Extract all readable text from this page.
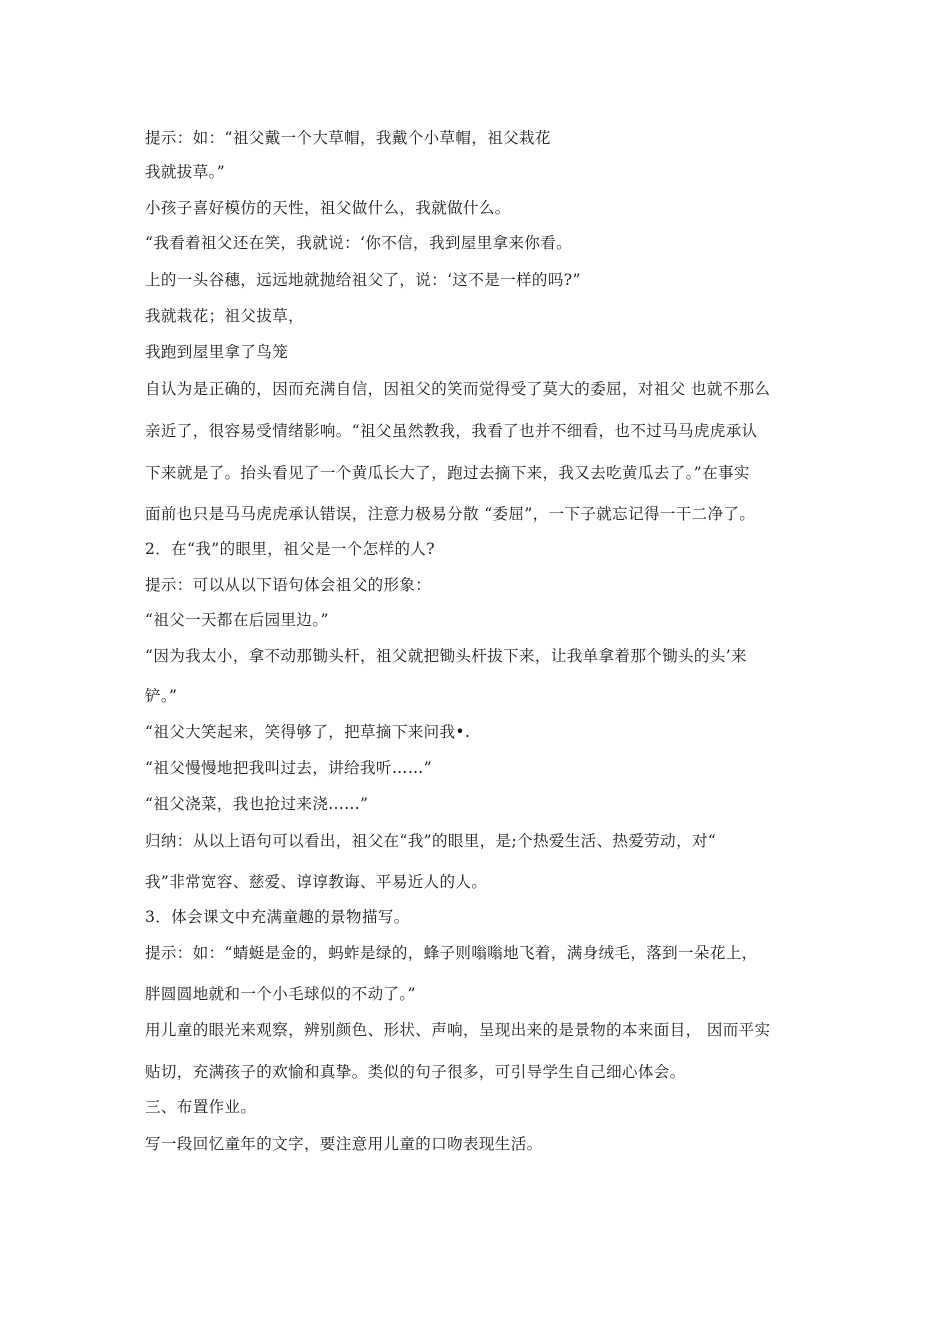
提示：如：“祖父戴一个大草帽，我戴个小草帽，祖父栽花
我就拔草。”
小孩子喜好模仿的天性，祖父做什么，我就做什么。
“我看着祖父还在笑，我就说：‘你不信，我到屋里拿来你看。
上的一头谷穗，远远地就抛给祖父了，说：‘这不是一样的吗?”
我就栽花；祖父拔草，
我跑到屋里拿了鸟笼
自认为是正确的，因而充满自信，因祖父的笑而觉得受了莫大的委屈，对祖父 也就不那么
亲近了，很容易受情绪影响。“祖父虽然教我，我看了也并不细看，也不过马马虎虎承认
下来就是了。抬头看见了一个黄瓜长大了，跑过去摘下来，我又去吃黄瓜去了。”在事实
面前也只是马马虎虎承认错误，注意力极易分散 “委屈”，一下子就忘记得一干二净了。
2．在“我”的眼里，祖父是一个怎样的人?
提示：可以从以下语句体会祖父的形象：
“祖父一天都在后园里边。”
“因为我太小，拿不动那锄头杆，祖父就把锄头杆拔下来，让我单拿着那个锄头的头’来
铲。”
“祖父大笑起来，笑得够了，把草摘下来问我•.
“祖父慢慢地把我叫过去，讲给我听……”
“祖父浇菜，我也抢过来浇……”
归纳：从以上语句可以看出，祖父在“我”的眼里，是;个热爱生活、热爱劳动，对“
我”非常宽容、慈爱、谆谆教诲、平易近人的人。
3．体会课文中充满童趣的景物描写。
提示：如：“蜻蜓是金的，蚂蚱是绿的，蜂子则嗡嗡地飞着，满身绒毛，落到一朵花上，
胖圆圆地就和一个小毛球似的不动了。”
用儿童的眼光来观察，辨别颜色、形状、声响，呈现出来的是景物的本来面目， 因而平实
贴切，充满孩子的欢愉和真挚。类似的句子很多，可引导学生自己细心体会。
三、布置作业。
写一段回忆童年的文字，要注意用儿童的口吻表现生活。
